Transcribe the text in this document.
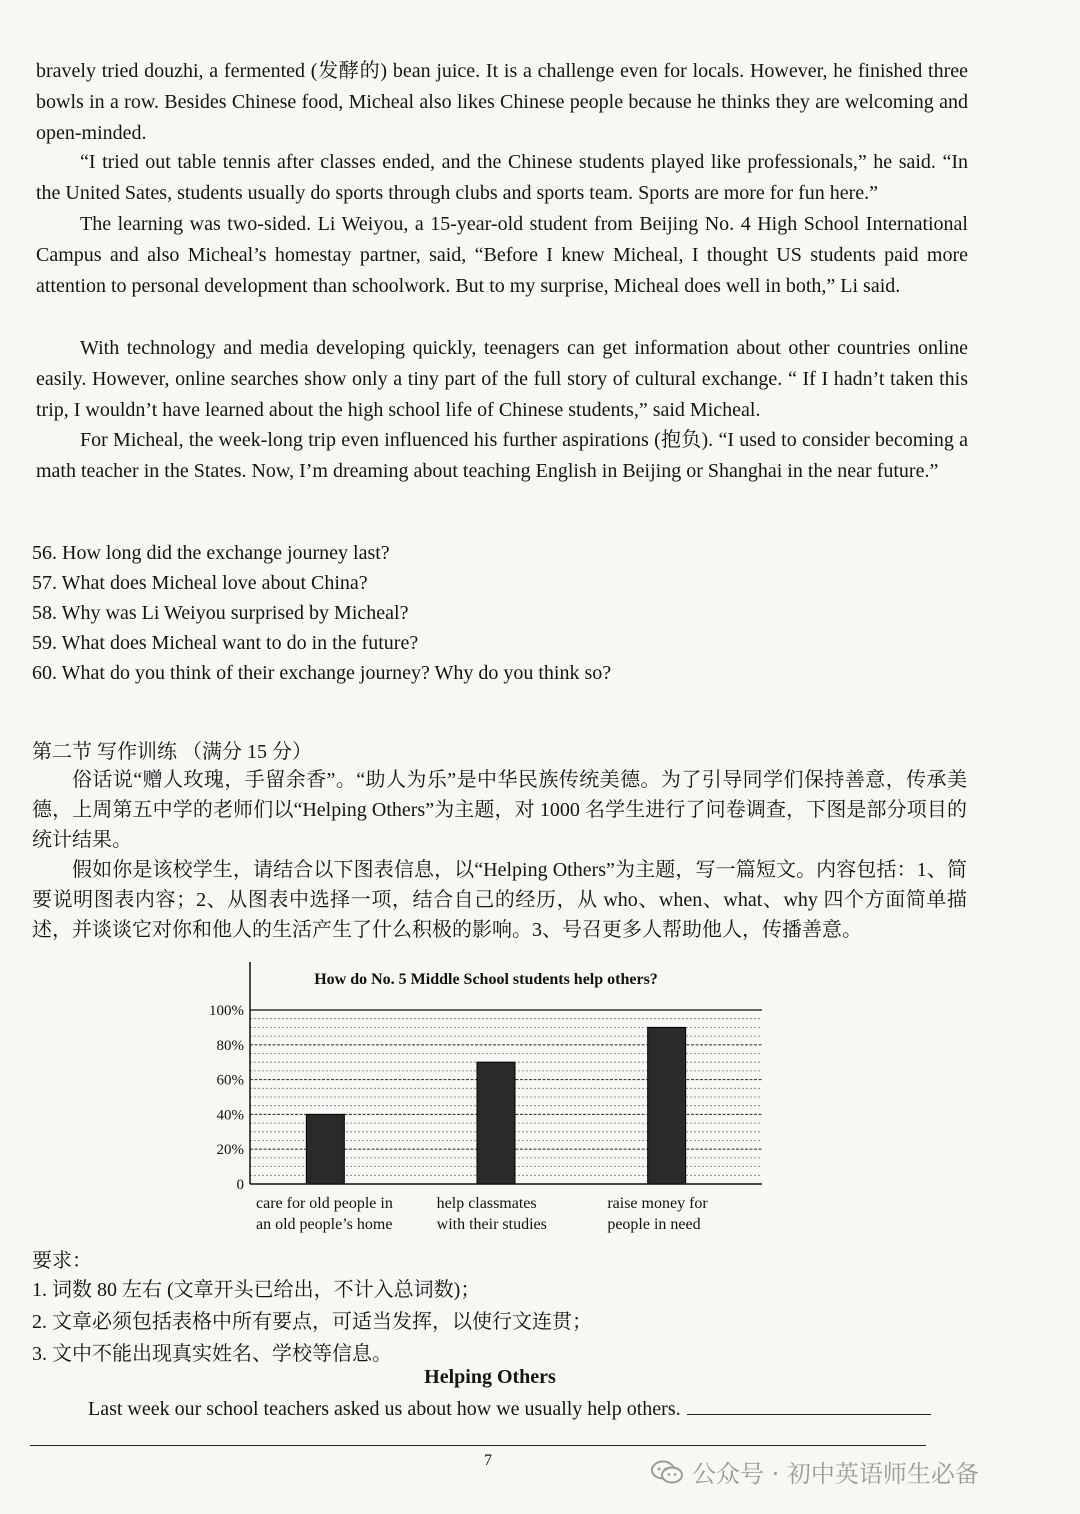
bravely tried douzhi, a fermented (发酵的) bean juice. It is a challenge even for locals. However, he finished three bowls in a row. Besides Chinese food, Micheal also likes Chinese people because he thinks they are welcoming and open-minded.

“I tried out table tennis after classes ended, and the Chinese students played like professionals,” he said. “In the United Sates, students usually do sports through clubs and sports team. Sports are more for fun here.”

The learning was two-sided. Li Weiyou, a 15-year-old student from Beijing No. 4 High School International Campus and also Micheal’s homestay partner, said, “Before I knew Micheal, I thought US students paid more attention to personal development than schoolwork. But to my surprise, Micheal does well in both,” Li said.

With technology and media developing quickly, teenagers can get information about other countries online easily. However, online searches show only a tiny part of the full story of cultural exchange. “ If I hadn’t taken this trip, I wouldn’t have learned about the high school life of Chinese students,” said Micheal.

For Micheal, the week-long trip even influenced his further aspirations (抱负). “I used to consider becoming a math teacher in the States. Now, I’m dreaming about teaching English in Beijing or Shanghai in the near future.”

56. How long did the exchange journey last?
57. What does Micheal love about China?
58. Why was Li Weiyou surprised by Micheal?
59. What does Micheal want to do in the future?
60. What do you think of their exchange journey? Why do you think so?

第二节 写作训练 （满分 15 分）

俗话说“赠人玫瑰，手留余香”。“助人为乐”是中华民族传统美德。为了引导同学们保持善意，传承美德，上周第五中学的老师们以“Helping Others”为主题，对 1000 名学生进行了问卷调查，下图是部分项目的统计结果。

假如你是该校学生，请结合以下图表信息，以“Helping Others”为主题，写一篇短文。内容包括：1、简要说明图表内容；2、从图表中选择一项，结合自己的经历，从 who、when、what、why 四个方面简单描述，并谈谈它对你和他人的生活产生了什么积极的影响。3、号召更多人帮助他人，传播善意。

How do No. 5 Middle School students help others?
0
20%
40%
60%
80%
100%
care for old people in
an old people’s home
help classmates
with their studies
raise money for
people in need

要求：

1. 词数 80 左右 (文章开头已给出，不计入总词数)；
2. 文章必须包括表格中所有要点，可适当发挥，以使行文连贯；
3. 文中不能出现真实姓名、学校等信息。

Helping Others

Last week our school teachers asked us about how we usually help others.

7	公众号 · 初中英语师生必备
